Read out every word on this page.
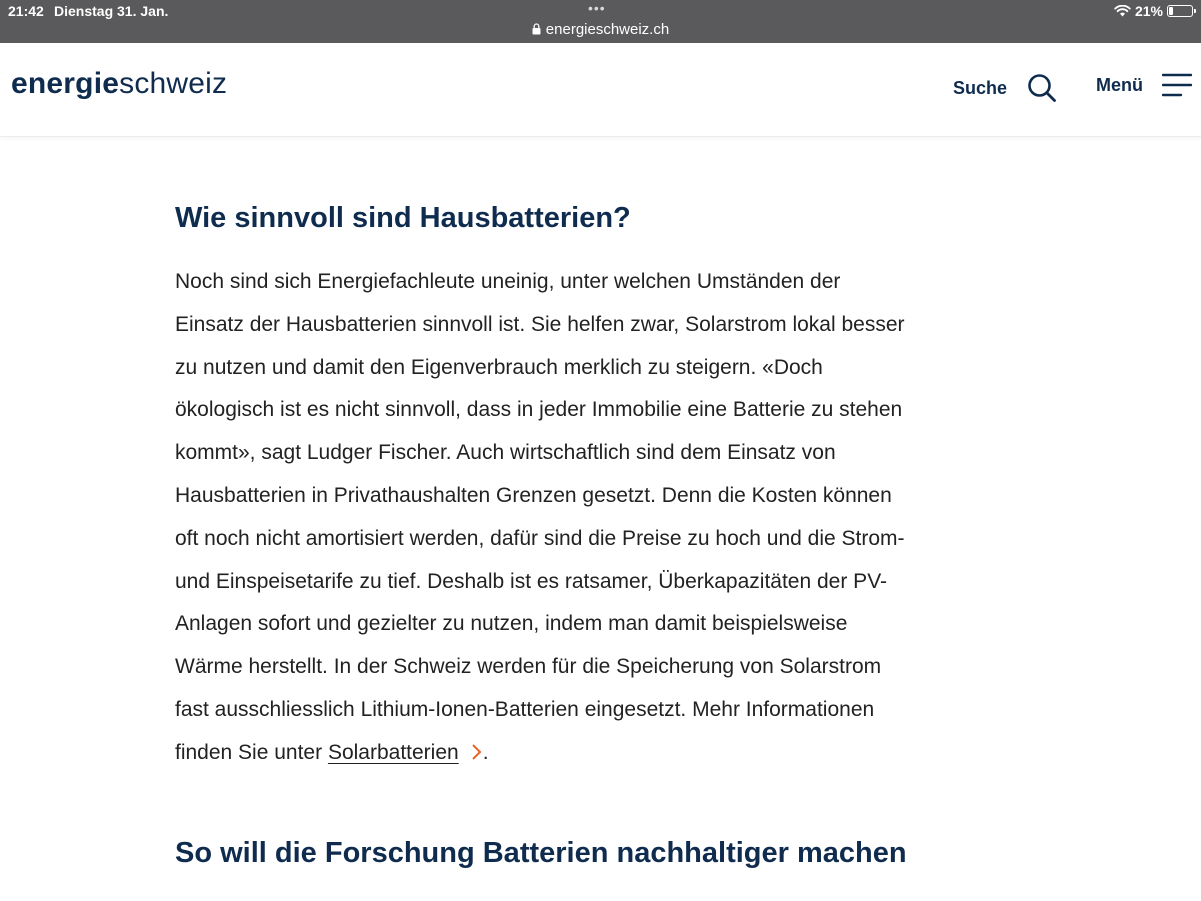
21:42 Dienstag 31. Jan.	•••
energieschweiz.ch
21%
energieschweiz	Suche	Menü
Wie sinnvoll sind Hausbatterien?
Noch sind sich Energiefachleute uneinig, unter welchen Umständen der
Einsatz der Hausbatterien sinnvoll ist. Sie helfen zwar, Solarstrom lokal besser
zu nutzen und damit den Eigenverbrauch merklich zu steigern. «Doch
ökologisch ist es nicht sinnvoll, dass in jeder Immobilie eine Batterie zu stehen
kommt», sagt Ludger Fischer. Auch wirtschaftlich sind dem Einsatz von
Hausbatterien in Privathaushalten Grenzen gesetzt. Denn die Kosten können
oft noch nicht amortisiert werden, dafür sind die Preise zu hoch und die Strom-
und Einspeisetarife zu tief. Deshalb ist es ratsamer, Überkapazitäten der PV-
Anlagen sofort und gezielter zu nutzen, indem man damit beispielsweise
Wärme herstellt. In der Schweiz werden für die Speicherung von Solarstrom
fast ausschliesslich Lithium-Ionen-Batterien eingesetzt. Mehr Informationen
finden Sie unter Solarbatterien .
So will die Forschung Batterien nachhaltiger machen
